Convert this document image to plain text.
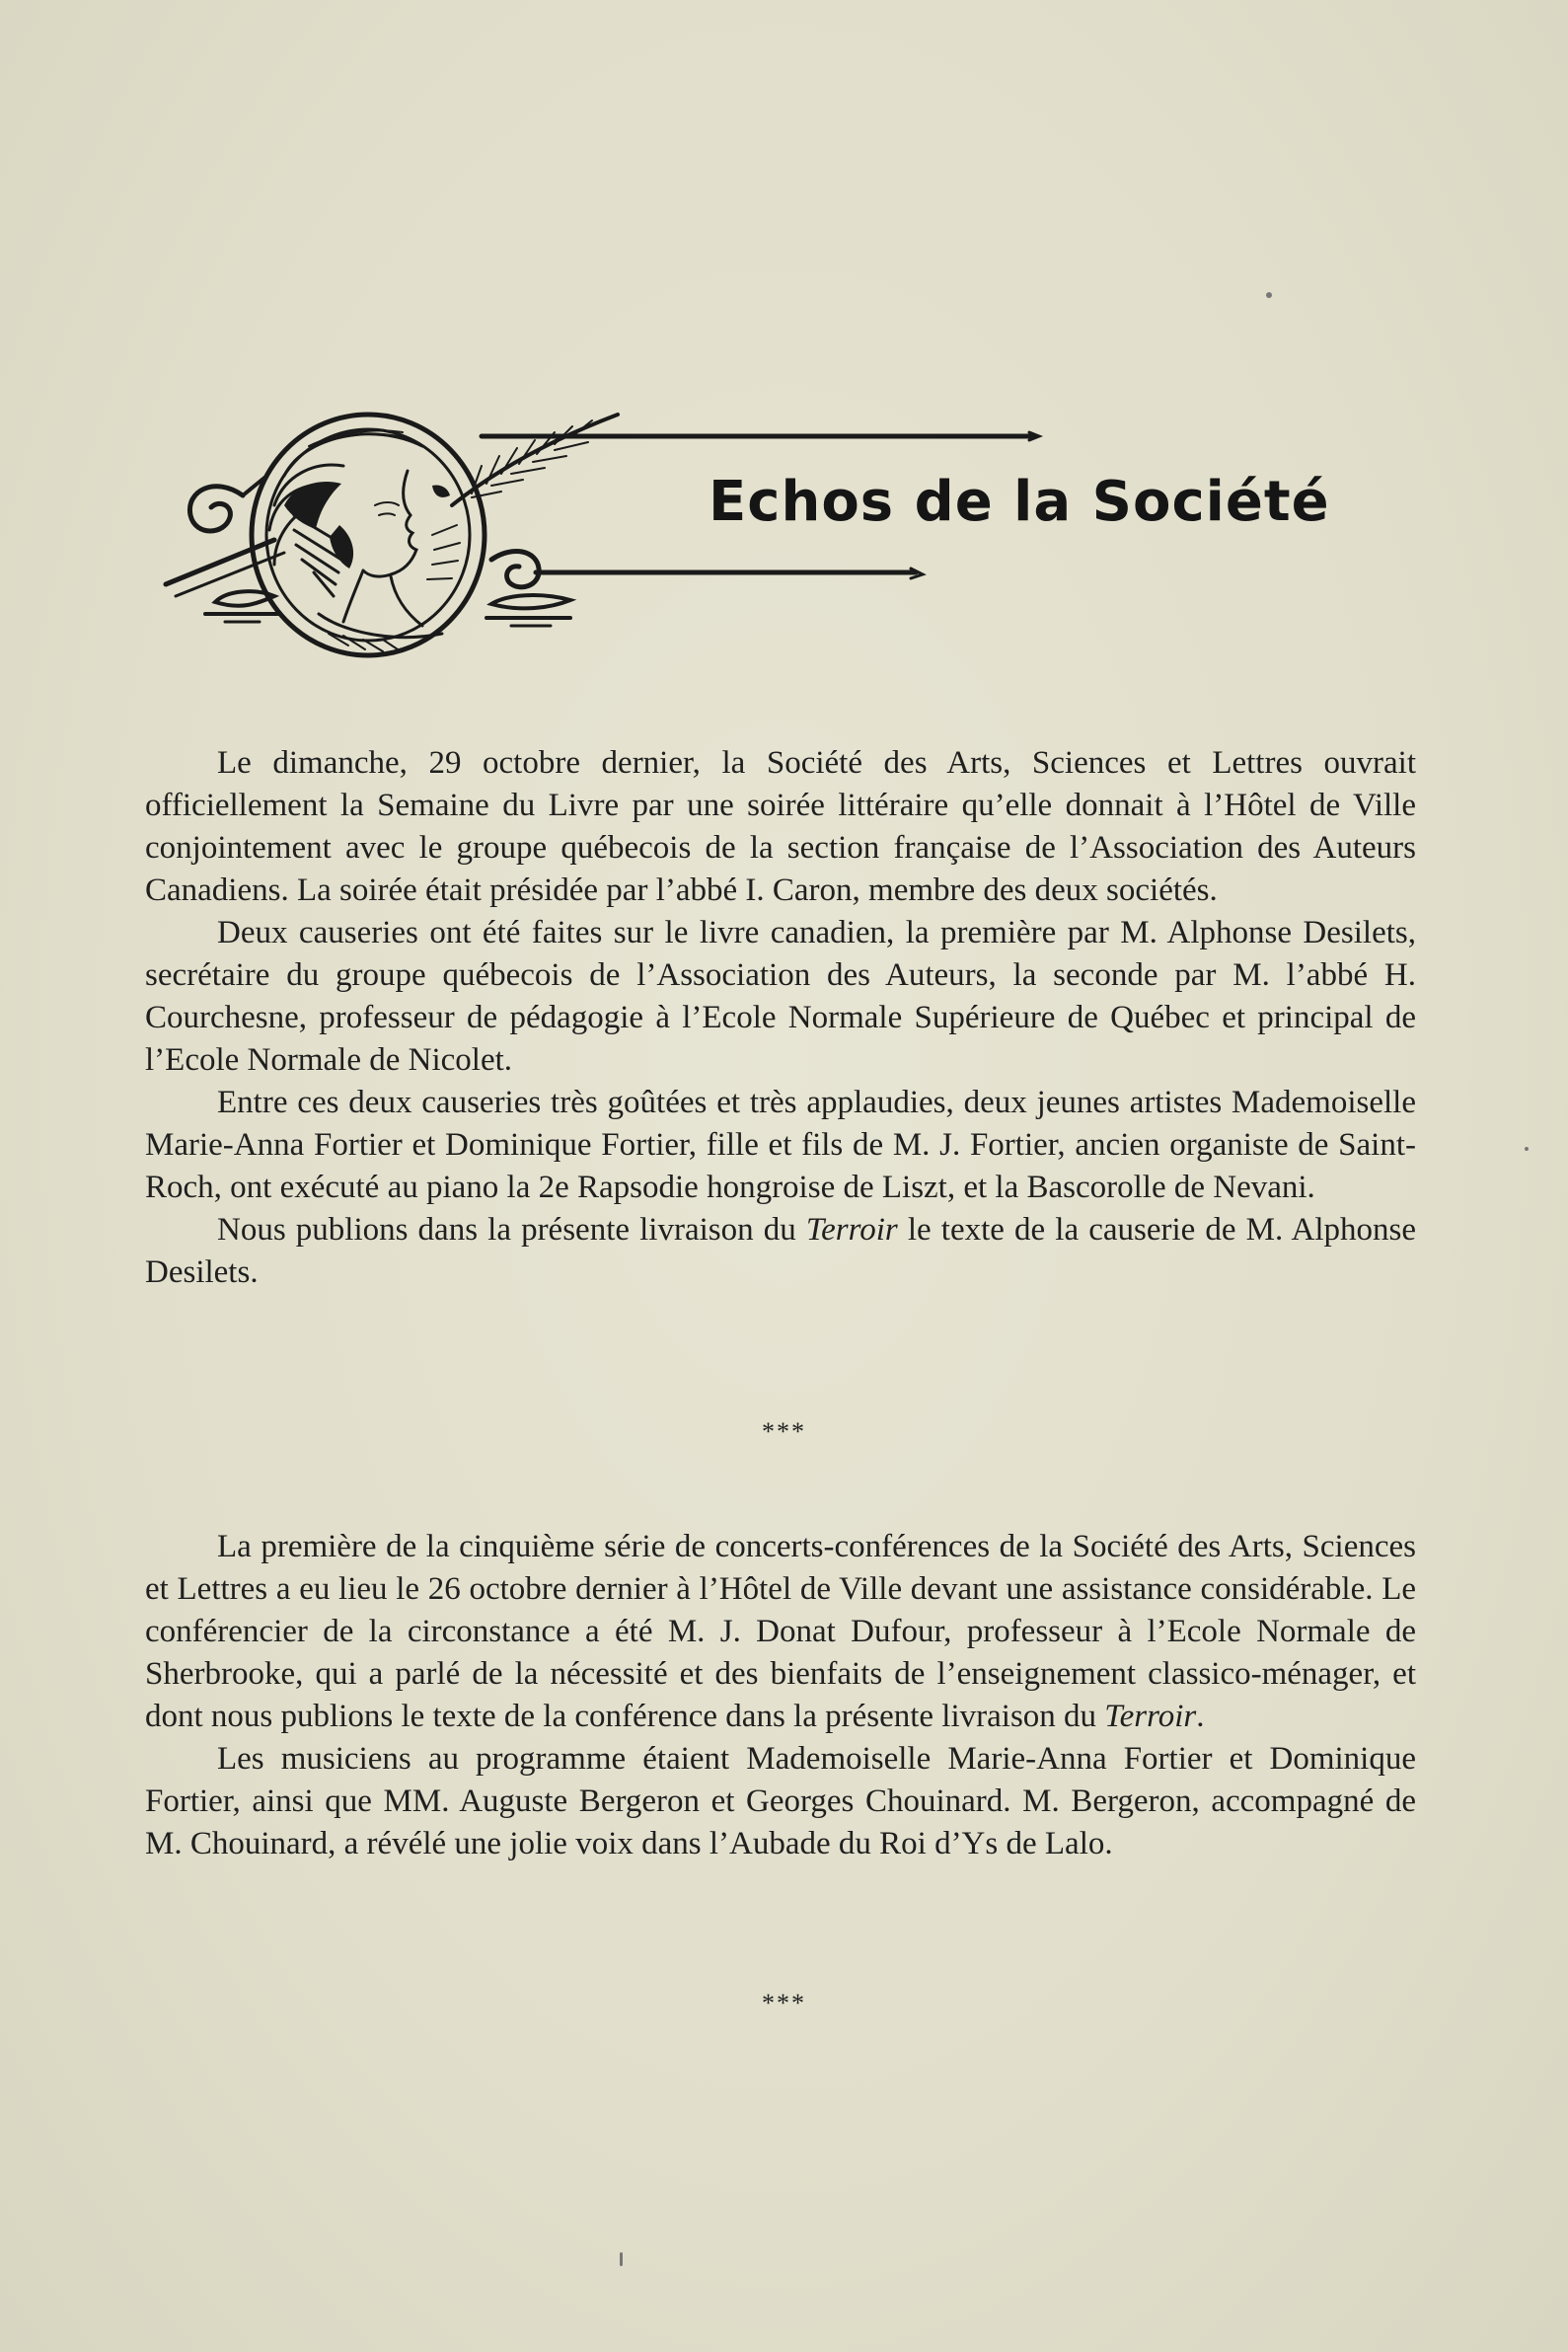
Echos de la Société

Le dimanche, 29 octobre dernier, la Société des Arts, Sciences et Lettres ouvrait officiellement la Semaine du Livre par une soirée littéraire qu’elle donnait à l’Hôtel de Ville conjointement avec le groupe québecois de la section française de l’Association des Auteurs Canadiens. La soirée était présidée par l’abbé I. Caron, membre des deux sociétés.

Deux causeries ont été faites sur le livre canadien, la première par M. Alphonse Desilets, secrétaire du groupe québecois de l’Association des Auteurs, la seconde par M. l’abbé H. Courchesne, professeur de pédagogie à l’Ecole Normale Supérieure de Québec et principal de l’Ecole Normale de Nicolet.

Entre ces deux causeries très goûtées et très applaudies, deux jeunes artistes Mademoiselle Marie-Anna Fortier et Dominique Fortier, fille et fils de M. J. Fortier, ancien organiste de Saint-Roch, ont exécuté au piano la 2e Rapsodie hongroise de Liszt, et la Bascorolle de Nevani.

Nous publions dans la présente livraison du Terroir le texte de la causerie de M. Alphonse Desilets.

***

La première de la cinquième série de concerts-conférences de la Société des Arts, Sciences et Lettres a eu lieu le 26 octobre dernier à l’Hôtel de Ville devant une assistance considérable. Le conférencier de la circonstance a été M. J. Donat Dufour, professeur à l’Ecole Normale de Sherbrooke, qui a parlé de la nécessité et des bienfaits de l’enseignement classico-ménager, et dont nous publions le texte de la conférence dans la présente livraison du Terroir.

Les musiciens au programme étaient Mademoiselle Marie-Anna Fortier et Dominique Fortier, ainsi que MM. Auguste Bergeron et Georges Chouinard. M. Bergeron, accompagné de M. Chouinard, a révélé une jolie voix dans l’Aubade du Roi d’Ys de Lalo.

***
